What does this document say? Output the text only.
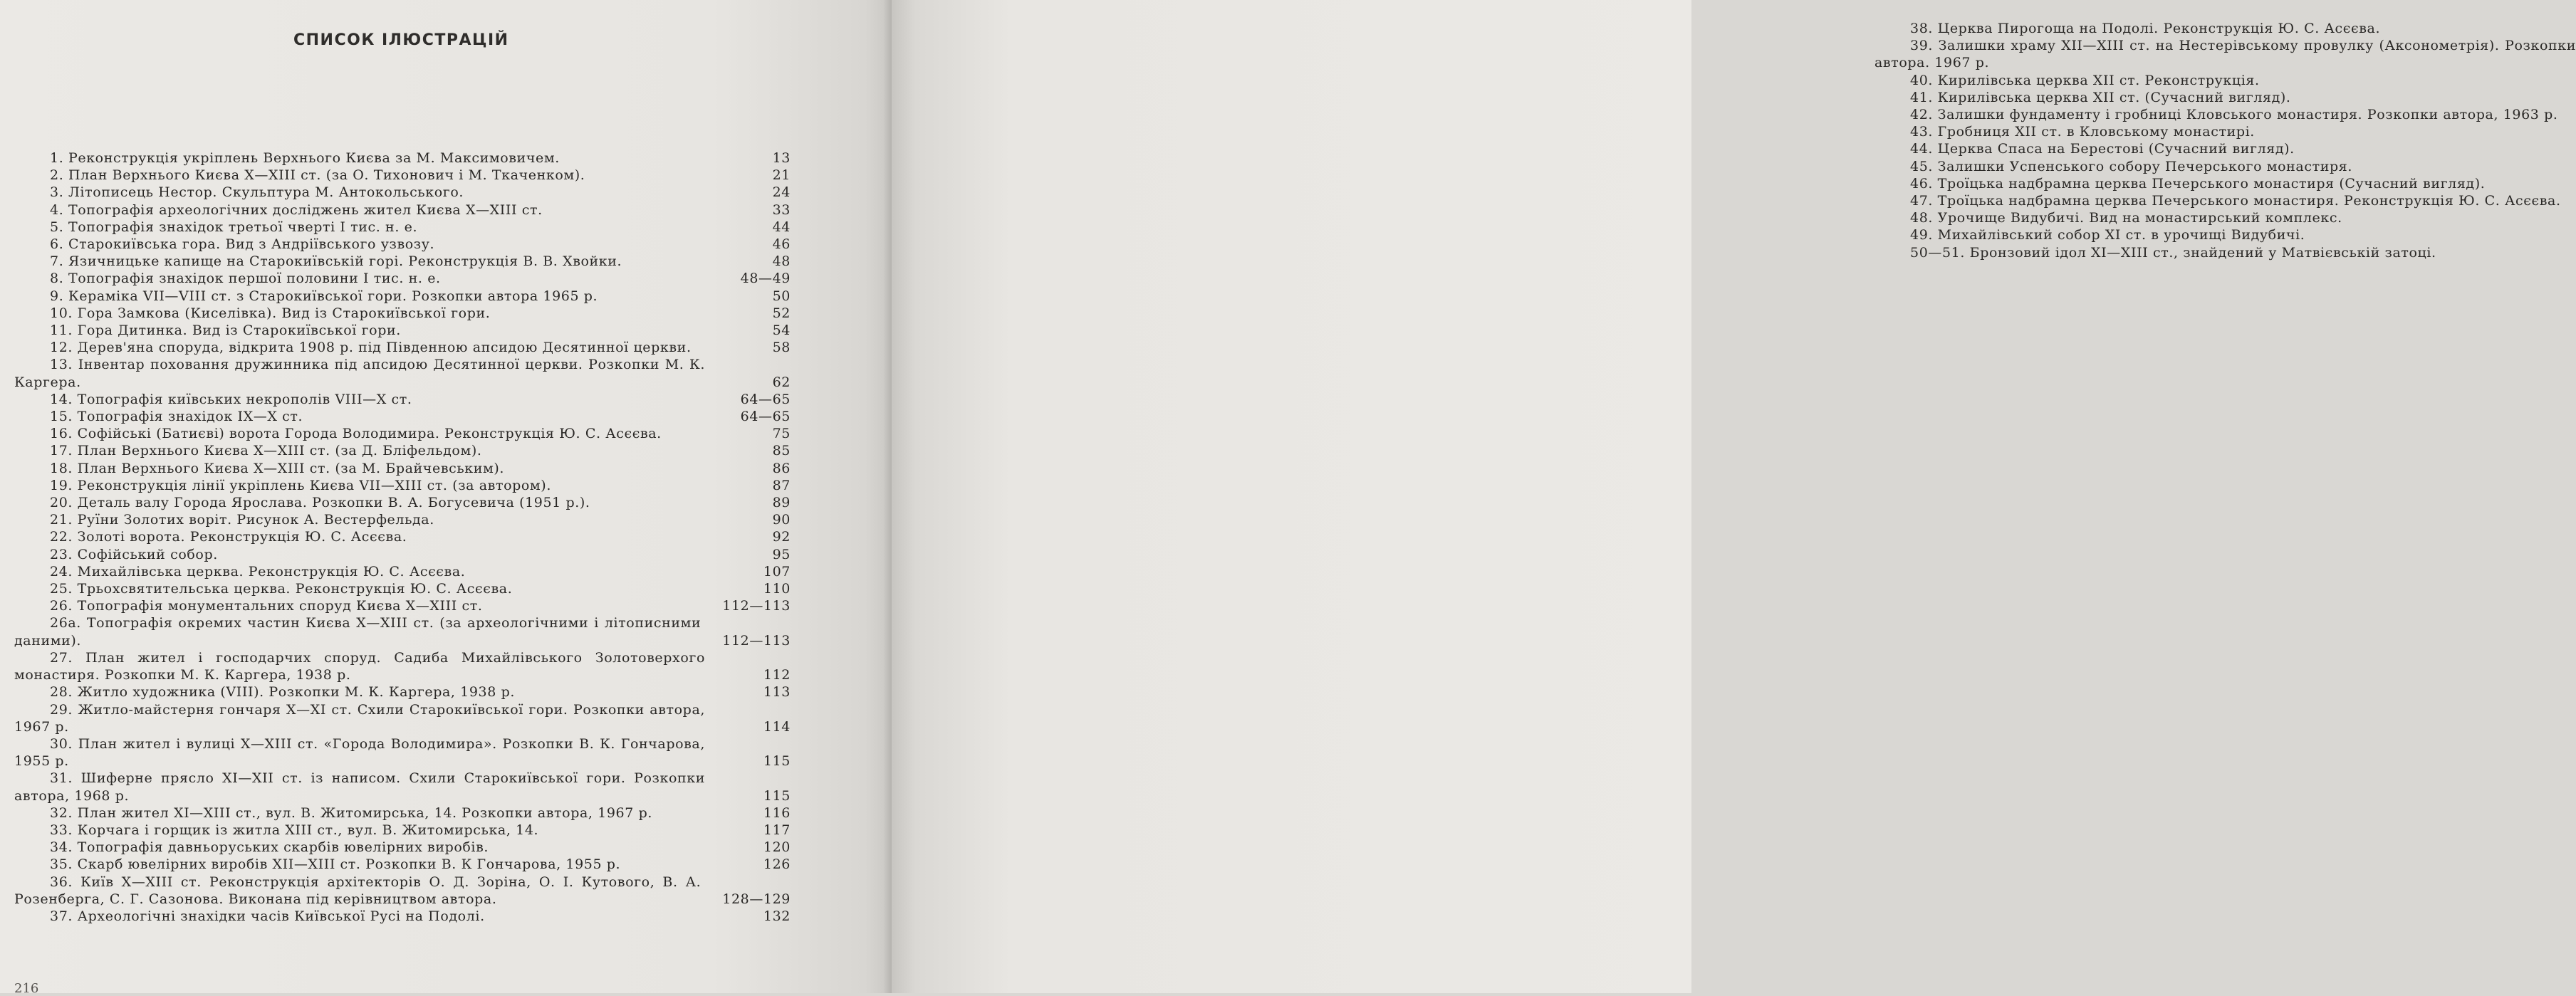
СПИСОК ІЛЮСТРАЦІЙ
1. Реконструкція укріплень Верхнього Києва за М. Максимовичем.	13
2. План Верхнього Києва X—XIII ст. (за О. Тихонович і М. Ткаченком).	21
3. Літописець Нестор. Скульптура М. Антокольського.	24
4. Топографія археологічних досліджень жител Києва X—XIII ст.	33
5. Топографія знахідок третьої чверті I тис. н. е.	44
6. Старокиївська гора. Вид з Андріївського узвозу.	46
7. Язичницьке капище на Старокиївській горі. Реконструкція В. В. Хвойки.	48
8. Топографія знахідок першої половини I тис. н. е.	48—49
9. Кераміка VII—VIII ст. з Старокиївської гори. Розкопки автора 1965 р.	50
10. Гора Замкова (Киселівка). Вид із Старокиївської гори.	52
11. Гора Дитинка. Вид із Старокиївської гори.	54
12. Дерев'яна споруда, відкрита 1908 р. під Південною апсидою Десятинної церкви.	58
13. Інвентар поховання дружинника під апсидою Десятинної церкви. Розкопки М. К. Каргера.	62
14. Топографія київських некрополів VIII—X ст.	64—65
15. Топографія знахідок IX—X ст.	64—65
16. Софійські (Батиєві) ворота Города Володимира. Реконструкція Ю. С. Асєєва.	75
17. План Верхнього Києва X—XIII ст. (за Д. Бліфельдом).	85
18. План Верхнього Києва X—XIII ст. (за М. Брайчевським).	86
19. Реконструкція лінії укріплень Києва VII—XIII ст. (за автором).	87
20. Деталь валу Города Ярослава. Розкопки В. А. Богусевича (1951 р.).	89
21. Руїни Золотих воріт. Рисунок А. Вестерфельда.	90
22. Золоті ворота. Реконструкція Ю. С. Асєєва.	92
23. Софійський собор.	95
24. Михайлівська церква. Реконструкція Ю. С. Асєєва.	107
25. Трьохсвятительська церква. Реконструкція Ю. С. Асєєва.	110
26. Топографія монументальних споруд Києва X—XIII ст.	112—113
26а. Топографія окремих частин Києва X—XIII ст. (за археологічними і літописними даними).	112—113
27. План жител і господарчих споруд. Садиба Михайлівського Золотоверхого монастиря. Розкопки М. К. Каргера, 1938 р.	112
28. Житло художника (VIII). Розкопки М. К. Каргера, 1938 р.	113
29. Житло-майстерня гончаря X—XI ст. Схили Старокиївської гори. Розкопки автора, 1967 р.	114
30. План жител і вулиці X—XIII ст. «Города Володимира». Розкопки В. К. Гончарова, 1955 р.	115
31. Шиферне прясло XI—XII ст. із написом. Схили Старокиївської гори. Розкопки автора, 1968 р.	115
32. План жител XI—XIII ст., вул. В. Житомирська, 14. Розкопки автора, 1967 р.	116
33. Корчага і горщик із житла XIII ст., вул. В. Житомирська, 14.	117
34. Топографія давньоруських скарбів ювелірних виробів.	120
35. Скарб ювелірних виробів XII—XIII ст. Розкопки В. К Гончарова, 1955 р.	126
36. Київ X—XIII ст. Реконструкція архітекторів О. Д. Зоріна, О. І. Кутового, В. А. Розенберга, С. Г. Сазонова. Виконана під керівництвом автора.	128—129
37. Археологічні знахідки часів Київської Русі на Подолі.	132
216
38. Церква Пирогоща на Подолі. Реконструкція Ю. С. Асєєва.
39. Залишки храму XII—XIII ст. на Нестерівському провулку (Аксонометрія). Розкопки автора. 1967 р.
40. Кирилівська церква XII ст. Реконструкція.
41. Кирилівська церква XII ст. (Сучасний вигляд).
42. Залишки фундаменту і гробниці Кловського монастиря. Розкопки автора, 1963 р.
43. Гробниця XII ст. в Кловському монастирі.
44. Церква Спаса на Берестові (Сучасний вигляд).
45. Залишки Успенського собору Печерського монастиря.
46. Троїцька надбрамна церква Печерського монастиря (Сучасний вигляд).
47. Троїцька надбрамна церква Печерського монастиря. Реконструкція Ю. С. Асєєва.
48. Урочище Видубичі. Вид на монастирський комплекс.
49. Михайлівський собор XI ст. в урочищі Видубичі.
50—51. Бронзовий ідол XI—XIII ст., знайдений у Матвієвській затоці.
